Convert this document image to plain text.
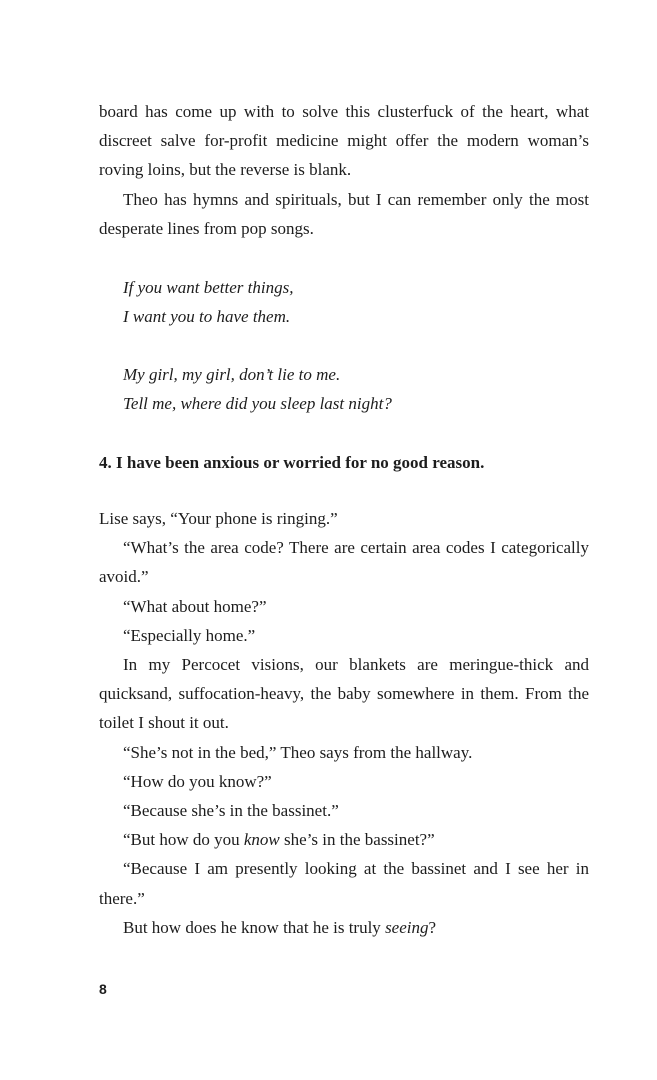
board has come up with to solve this clusterfuck of the heart, what
discreet salve for-profit medicine might offer the modern woman’s
roving loins, but the reverse is blank.
Theo has hymns and spirituals, but I can remember only the most
desperate lines from pop songs.
If you want better things,
I want you to have them.
My girl, my girl, don’t lie to me.
Tell me, where did you sleep last night?
4. I have been anxious or worried for no good reason.
Lise says, “Your phone is ringing.”
“What’s the area code? There are certain area codes I categorically
avoid.”
“What about home?”
“Especially home.”
In my Percocet visions, our blankets are meringue-thick and
quicksand, suffocation-heavy, the baby somewhere in them. From the
toilet I shout it out.
“She’s not in the bed,” Theo says from the hallway.
“How do you know?”
“Because she’s in the bassinet.”
“But how do you know she’s in the bassinet?”
“Because I am presently looking at the bassinet and I see her in
there.”
But how does he know that he is truly seeing?
8
